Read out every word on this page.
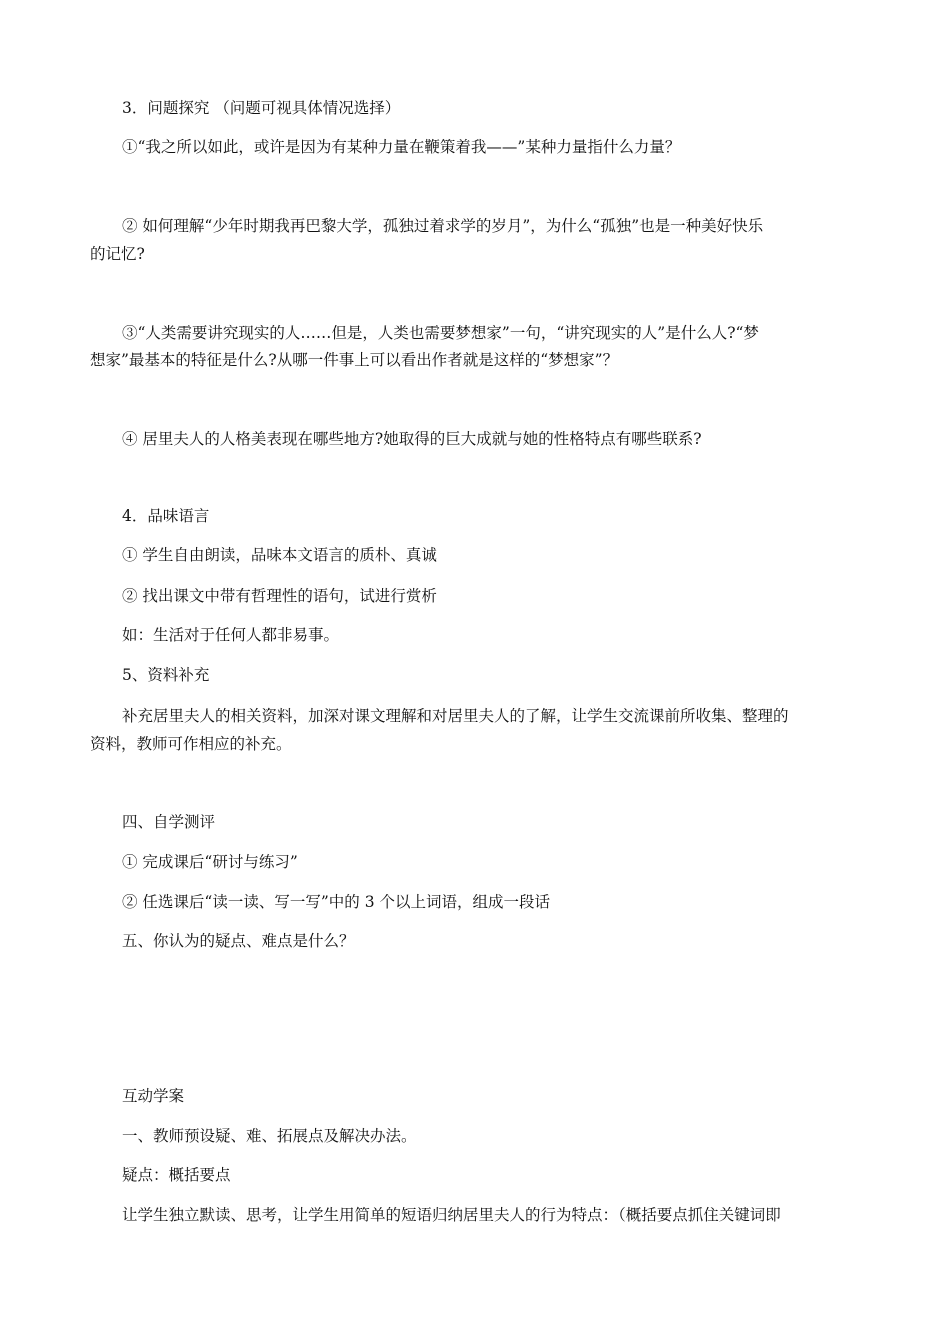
3．问题探究 （问题可视具体情况选择）
①“我之所以如此，或许是因为有某种力量在鞭策着我——”某种力量指什么力量？
② 如何理解“少年时期我再巴黎大学，孤独过着求学的岁月”，为什么“孤独”也是一种美好快乐
的记忆?
③“人类需要讲究现实的人……但是，人类也需要梦想家”一句，“讲究现实的人”是什么人?“梦
想家”最基本的特征是什么?从哪一件事上可以看出作者就是这样的“梦想家”？
④ 居里夫人的人格美表现在哪些地方?她取得的巨大成就与她的性格特点有哪些联系?
4．品味语言
① 学生自由朗读，品味本文语言的质朴、真诚
② 找出课文中带有哲理性的语句，试进行赏析
如：生活对于任何人都非易事。
5、资料补充
补充居里夫人的相关资料，加深对课文理解和对居里夫人的了解，让学生交流课前所收集、整理的
资料，教师可作相应的补充。
四、自学测评
① 完成课后“研讨与练习”
② 任选课后“读一读、写一写”中的 3 个以上词语，组成一段话
五、你认为的疑点、难点是什么？
互动学案
一、教师预设疑、难、拓展点及解决办法。
疑点：概括要点
让学生独立默读、思考，让学生用简单的短语归纳居里夫人的行为特点：（概括要点抓住关键词即
